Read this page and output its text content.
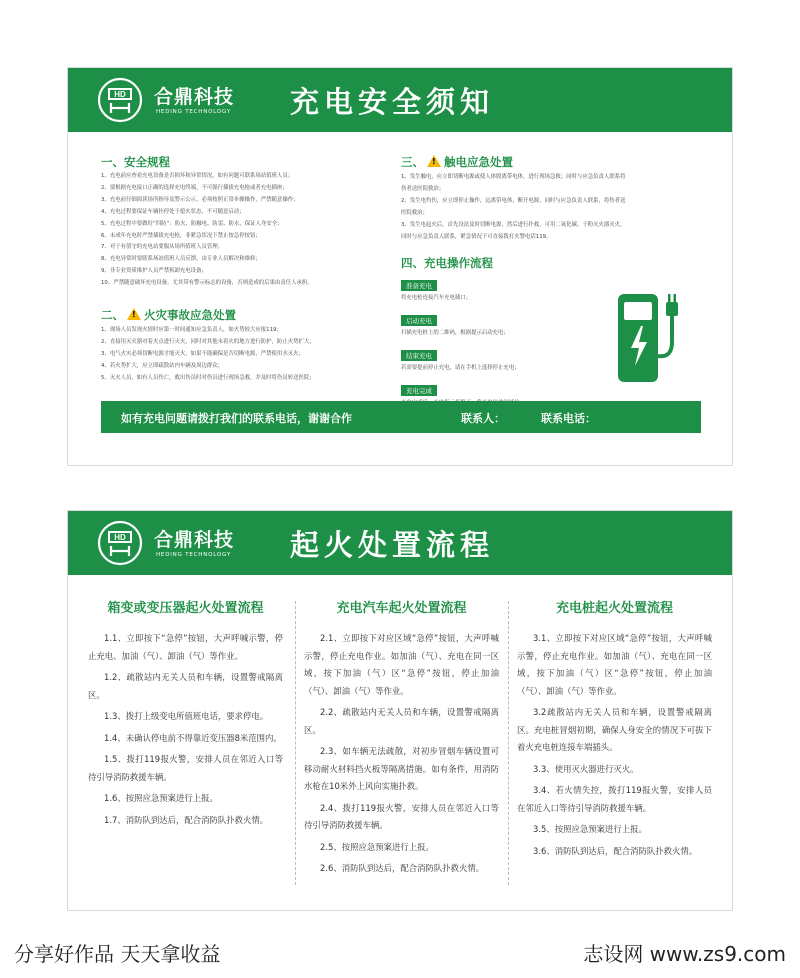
HD 合鼎科技
HEDING TECHNOLOGY 充电安全须知
一、安全规程
1、充电前应查看充电设备是否损坏和异常情况，如有问题可联系场站值班人员；
2、要根据充电接口正确的选择充电终端，不可强行插拔充电枪或者充电插座；
3、充电前仔细阅读场所指导及警示公示，必须按照正常步骤操作，严禁随意操作；
4、充电过程要保证车辆挂停处于熄火状态，不可随意启动；
5、充电过程中要做好“四防”：防火、防触电、防雷、防水，保证人身安全；
6、未成年充电时严禁插拔充电枪，非紧急状况下禁止按急停按钮；
7、对于有值守的充电站要服从场所值班人员管理；
8、充电异常时要联系场站值班人员反馈，由专业人员解决和维修；
9、非专业资质维护人员严禁拆卸充电设备；
10、严禁随意破坏充电设备，尤其带有警示标志的设备，否则造成的后果由责任人承担。
二、 ! 火灾事故应急处置
1、现场人员发现火情时应第一时间通知应急负责人，如火势较大应报119；
2、直接用灭火器对着火点进行灭火，同时对其他未着火的地方进行防护，防止火势扩大；
3、电气火灾必须切断电源才能灭火，如果不能确保是否切断电源，严禁使用水灭火；
4、若火势扩大，应立即疏散站内车辆及周边群众；
5、灭火人员，如有人员伤亡，救出伤员时对伤员进行现场急救，并及时将伤员转送医院；
三、 ! 触电应急处置
1、发生触电，应立即切断电源或使人体脱离带电体，进行现场急救；同时与应急负责人联系将
伤者送医院救治；
2、发生电灼伤，应立即停止操作，远离带电体，断开电源，同时与应急负责人联系，将伤者送
医院救治；
3、发生电起火后，首先设法及时切断电源，然后进行扑救，可用二氧化碳、干粉灭火器灭火，
同时与应急负责人联系，紧急情况下可直接拨打火警电话119。
四、充电操作流程
准备充电
将充电枪连接汽车充电插口；
启动充电
扫描充电桩上的二维码，根据提示启动充电；
结束充电
若需要提前停止充电，请在手机上选择停止充电；
充电完成
如有充电问题请拨打我们的联系电话，谢谢合作	联系人：	联系电话：
HD 合鼎科技
HEDING TECHNOLOGY 起火处置流程
箱变或变压器起火处置流程

1.1、立即按下“急停”按钮，大声呼喊示警，停止充电、加油（气）、卸油（气）等作业。

1.2、疏散站内无关人员和车辆，设置警戒隔离区。

1.3、拨打上级变电所值班电话，要求停电。

1.4、未确认停电前不得靠近变压器8米范围内。

1.5、拨打119报火警，安排人员在邻近入口等待引导消防救援车辆。

1.6、按照应急预案进行上报。

1.7、消防队到达后，配合消防队扑救火情。

充电汽车起火处置流程

2.1、立即按下对应区域“急停”按钮，大声呼喊示警，停止充电作业。如加油（气）、充电在同一区域，按下加油（气）区“急停”按钮，停止加油（气）、卸油（气）等作业。

2.2、疏散站内无关人员和车辆，设置警戒隔离区。

2.3、如车辆无法疏散，对初步冒烟车辆设置可移动耐火材料挡火板等隔离措施。如有条件，用消防水枪在10米外上风向实施扑救。

2.4、拨打119报火警，安排人员在邻近入口等待引导消防救援车辆。

2.5、按照应急预案进行上报。

2.6、消防队到达后，配合消防队扑救火情。

充电桩起火处置流程

3.1、立即按下对应区域“急停”按钮，大声呼喊示警，停止充电作业。如加油（气）、充电在同一区域，按下加油（气）区“急停”按钮，停止加油（气）、卸油（气）等作业。

3.2疏散站内无关人员和车辆，设置警戒隔离区。充电桩冒烟初期，确保人身安全的情况下可拔下着火充电桩连接车端插头。

3.3、使用灭火器进行灭火。

3.4、若火情失控，拨打119报火警，安排人员在邻近入口等待引导消防救援车辆。

3.5、按照应急预案进行上报。

3.6、消防队到达后，配合消防队扑救火情。

分享好作品 天天拿收益	志设网 www.zs9.com
